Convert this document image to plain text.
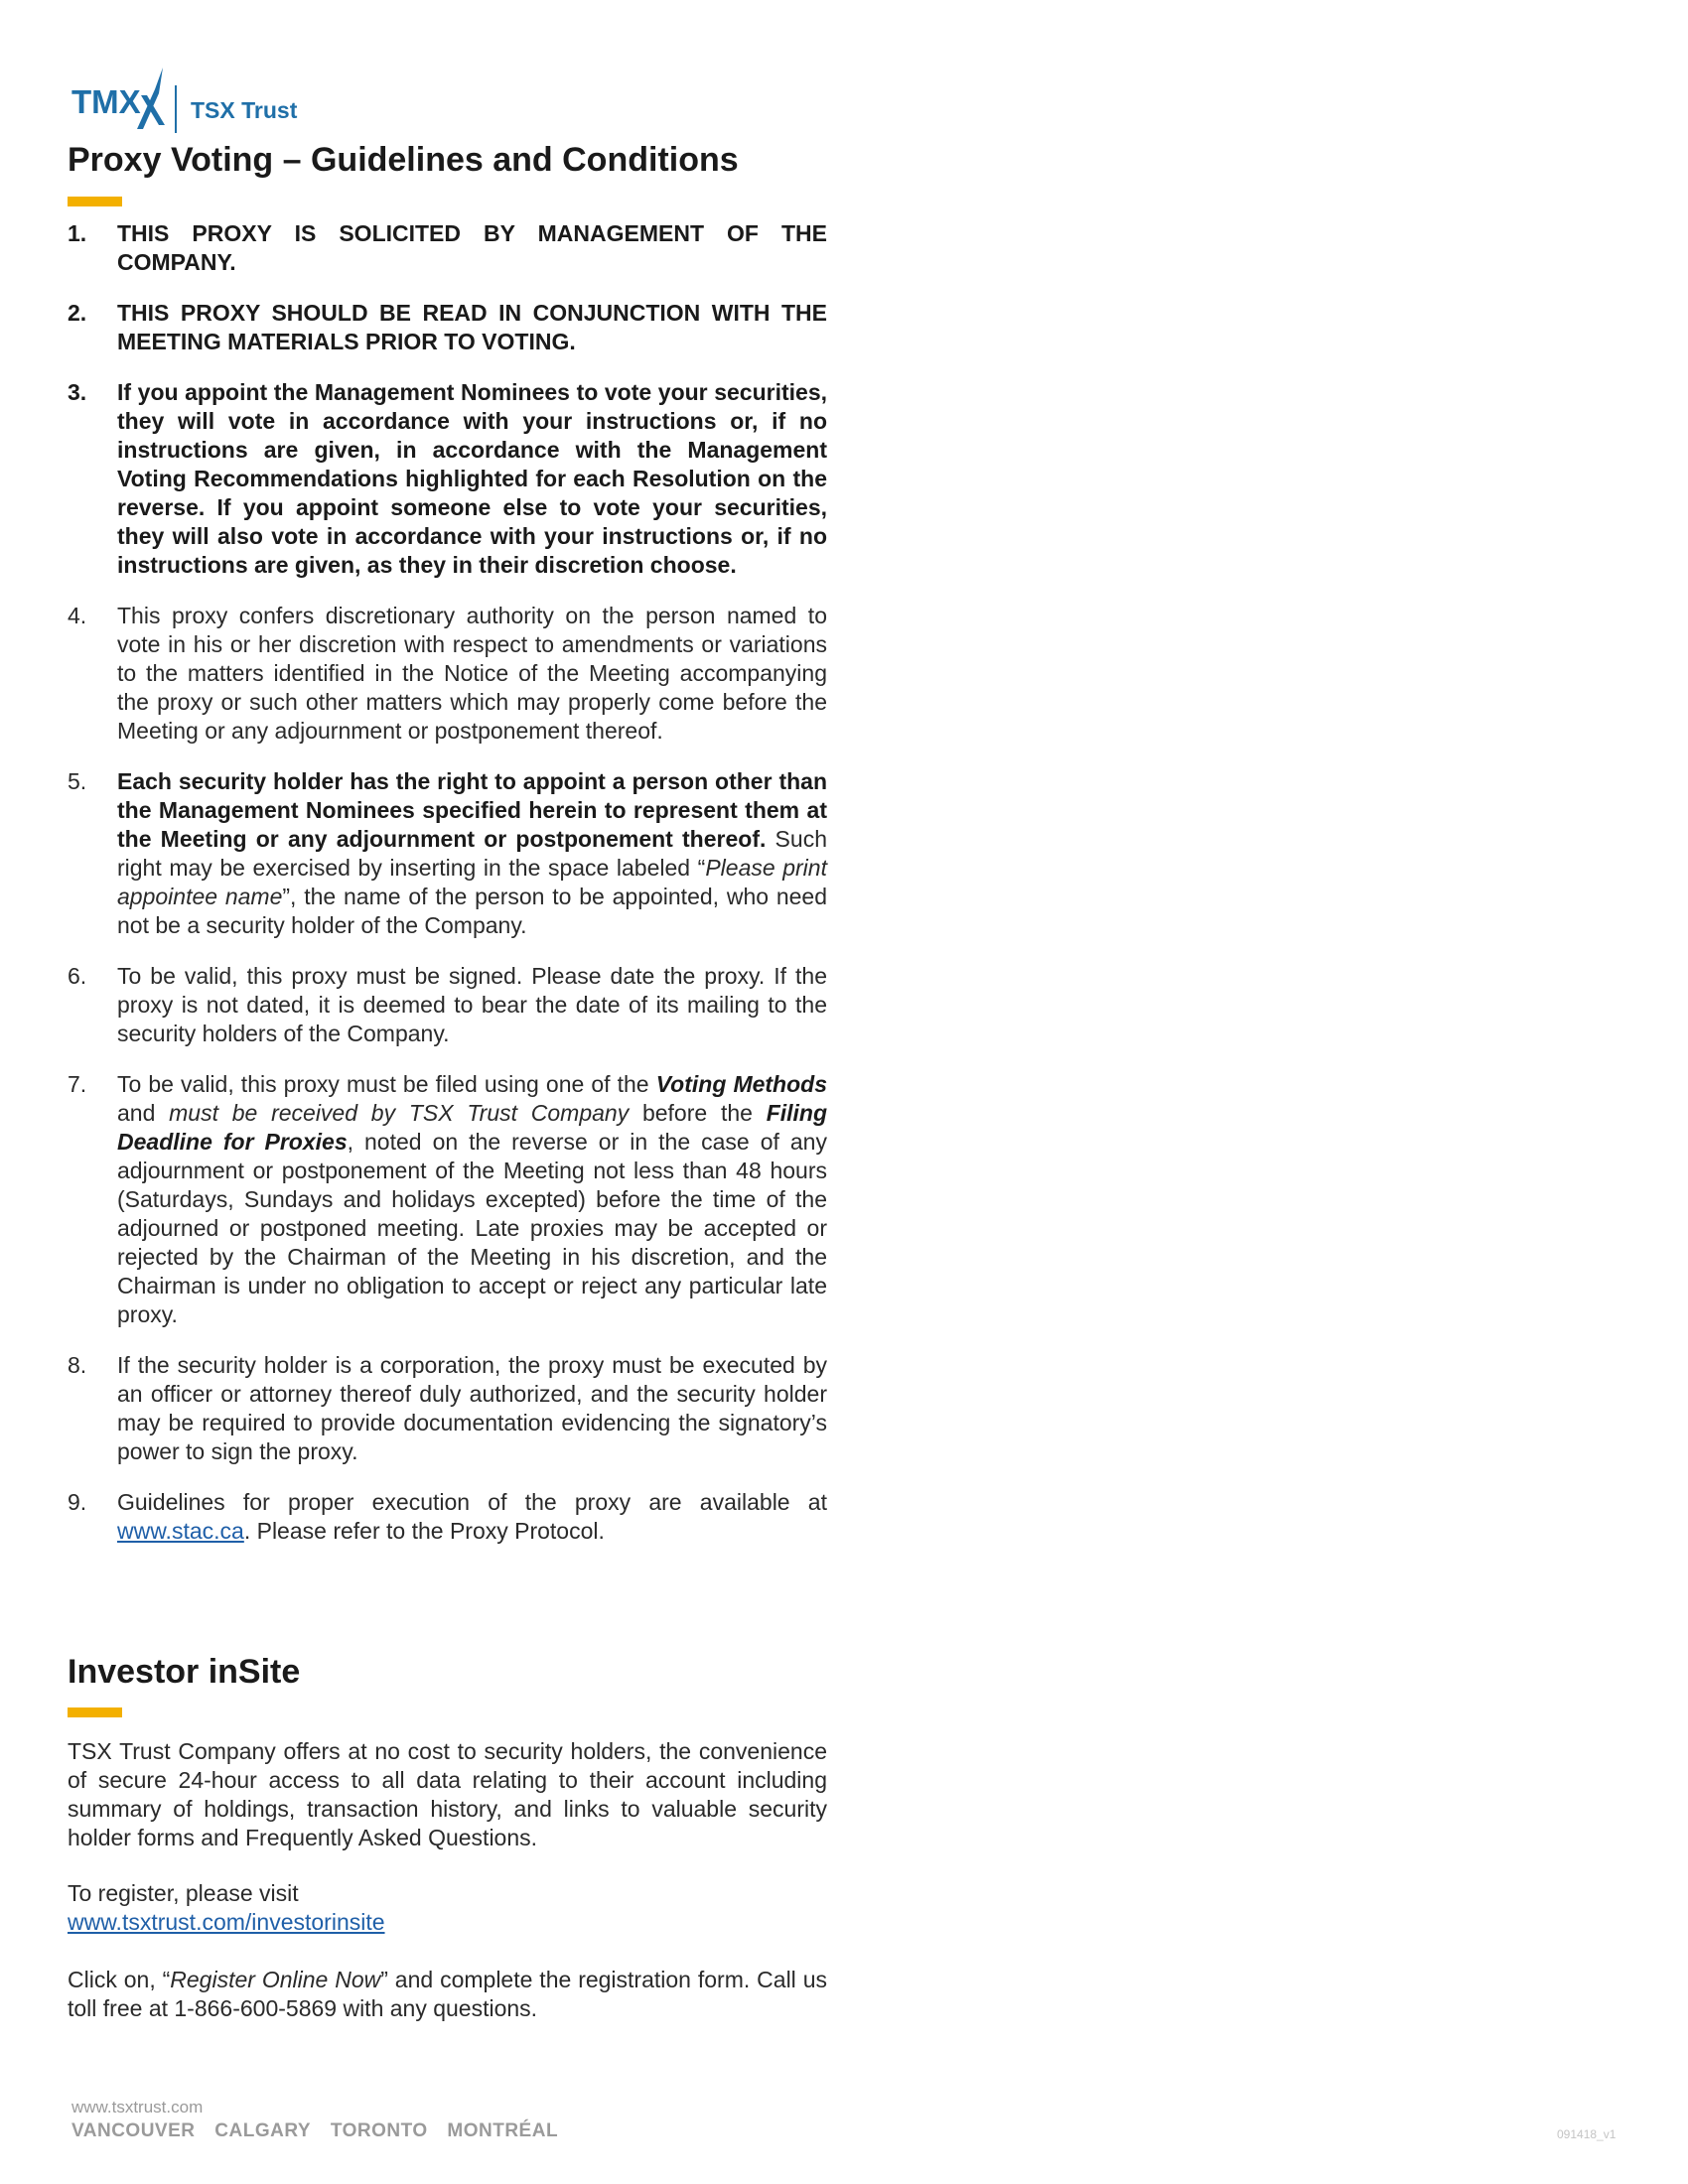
TMX TSX Trust
Proxy Voting – Guidelines and Conditions
1. THIS PROXY IS SOLICITED BY MANAGEMENT OF THE COMPANY.
2. THIS PROXY SHOULD BE READ IN CONJUNCTION WITH THE MEETING MATERIALS PRIOR TO VOTING.
3. If you appoint the Management Nominees to vote your securities, they will vote in accordance with your instructions or, if no instructions are given, in accordance with the Management Voting Recommendations highlighted for each Resolution on the reverse. If you appoint someone else to vote your securities, they will also vote in accordance with your instructions or, if no instructions are given, as they in their discretion choose.
4. This proxy confers discretionary authority on the person named to vote in his or her discretion with respect to amendments or variations to the matters identified in the Notice of the Meeting accompanying the proxy or such other matters which may properly come before the Meeting or any adjournment or postponement thereof.
5. Each security holder has the right to appoint a person other than the Management Nominees specified herein to represent them at the Meeting or any adjournment or postponement thereof. Such right may be exercised by inserting in the space labeled “Please print appointee name”, the name of the person to be appointed, who need not be a security holder of the Company.
6. To be valid, this proxy must be signed. Please date the proxy. If the proxy is not dated, it is deemed to bear the date of its mailing to the security holders of the Company.
7. To be valid, this proxy must be filed using one of the Voting Methods and must be received by TSX Trust Company before the Filing Deadline for Proxies, noted on the reverse or in the case of any adjournment or postponement of the Meeting not less than 48 hours (Saturdays, Sundays and holidays excepted) before the time of the adjourned or postponed meeting. Late proxies may be accepted or rejected by the Chairman of the Meeting in his discretion, and the Chairman is under no obligation to accept or reject any particular late proxy.
8. If the security holder is a corporation, the proxy must be executed by an officer or attorney thereof duly authorized, and the security holder may be required to provide documentation evidencing the signatory’s power to sign the proxy.
9. Guidelines for proper execution of the proxy are available at www.stac.ca. Please refer to the Proxy Protocol.
Investor inSite

TSX Trust Company offers at no cost to security holders, the convenience of secure 24-hour access to all data relating to their account including summary of holdings, transaction history, and links to valuable security holder forms and Frequently Asked Questions.

To register, please visit
www.tsxtrust.com/investorinsite

Click on, “Register Online Now” and complete the registration form. Call us toll free at 1-866-600-5869 with any questions.

www.tsxtrust.com
VANCOUVER CALGARY TORONTO MONTRÉAL	091418_v1
